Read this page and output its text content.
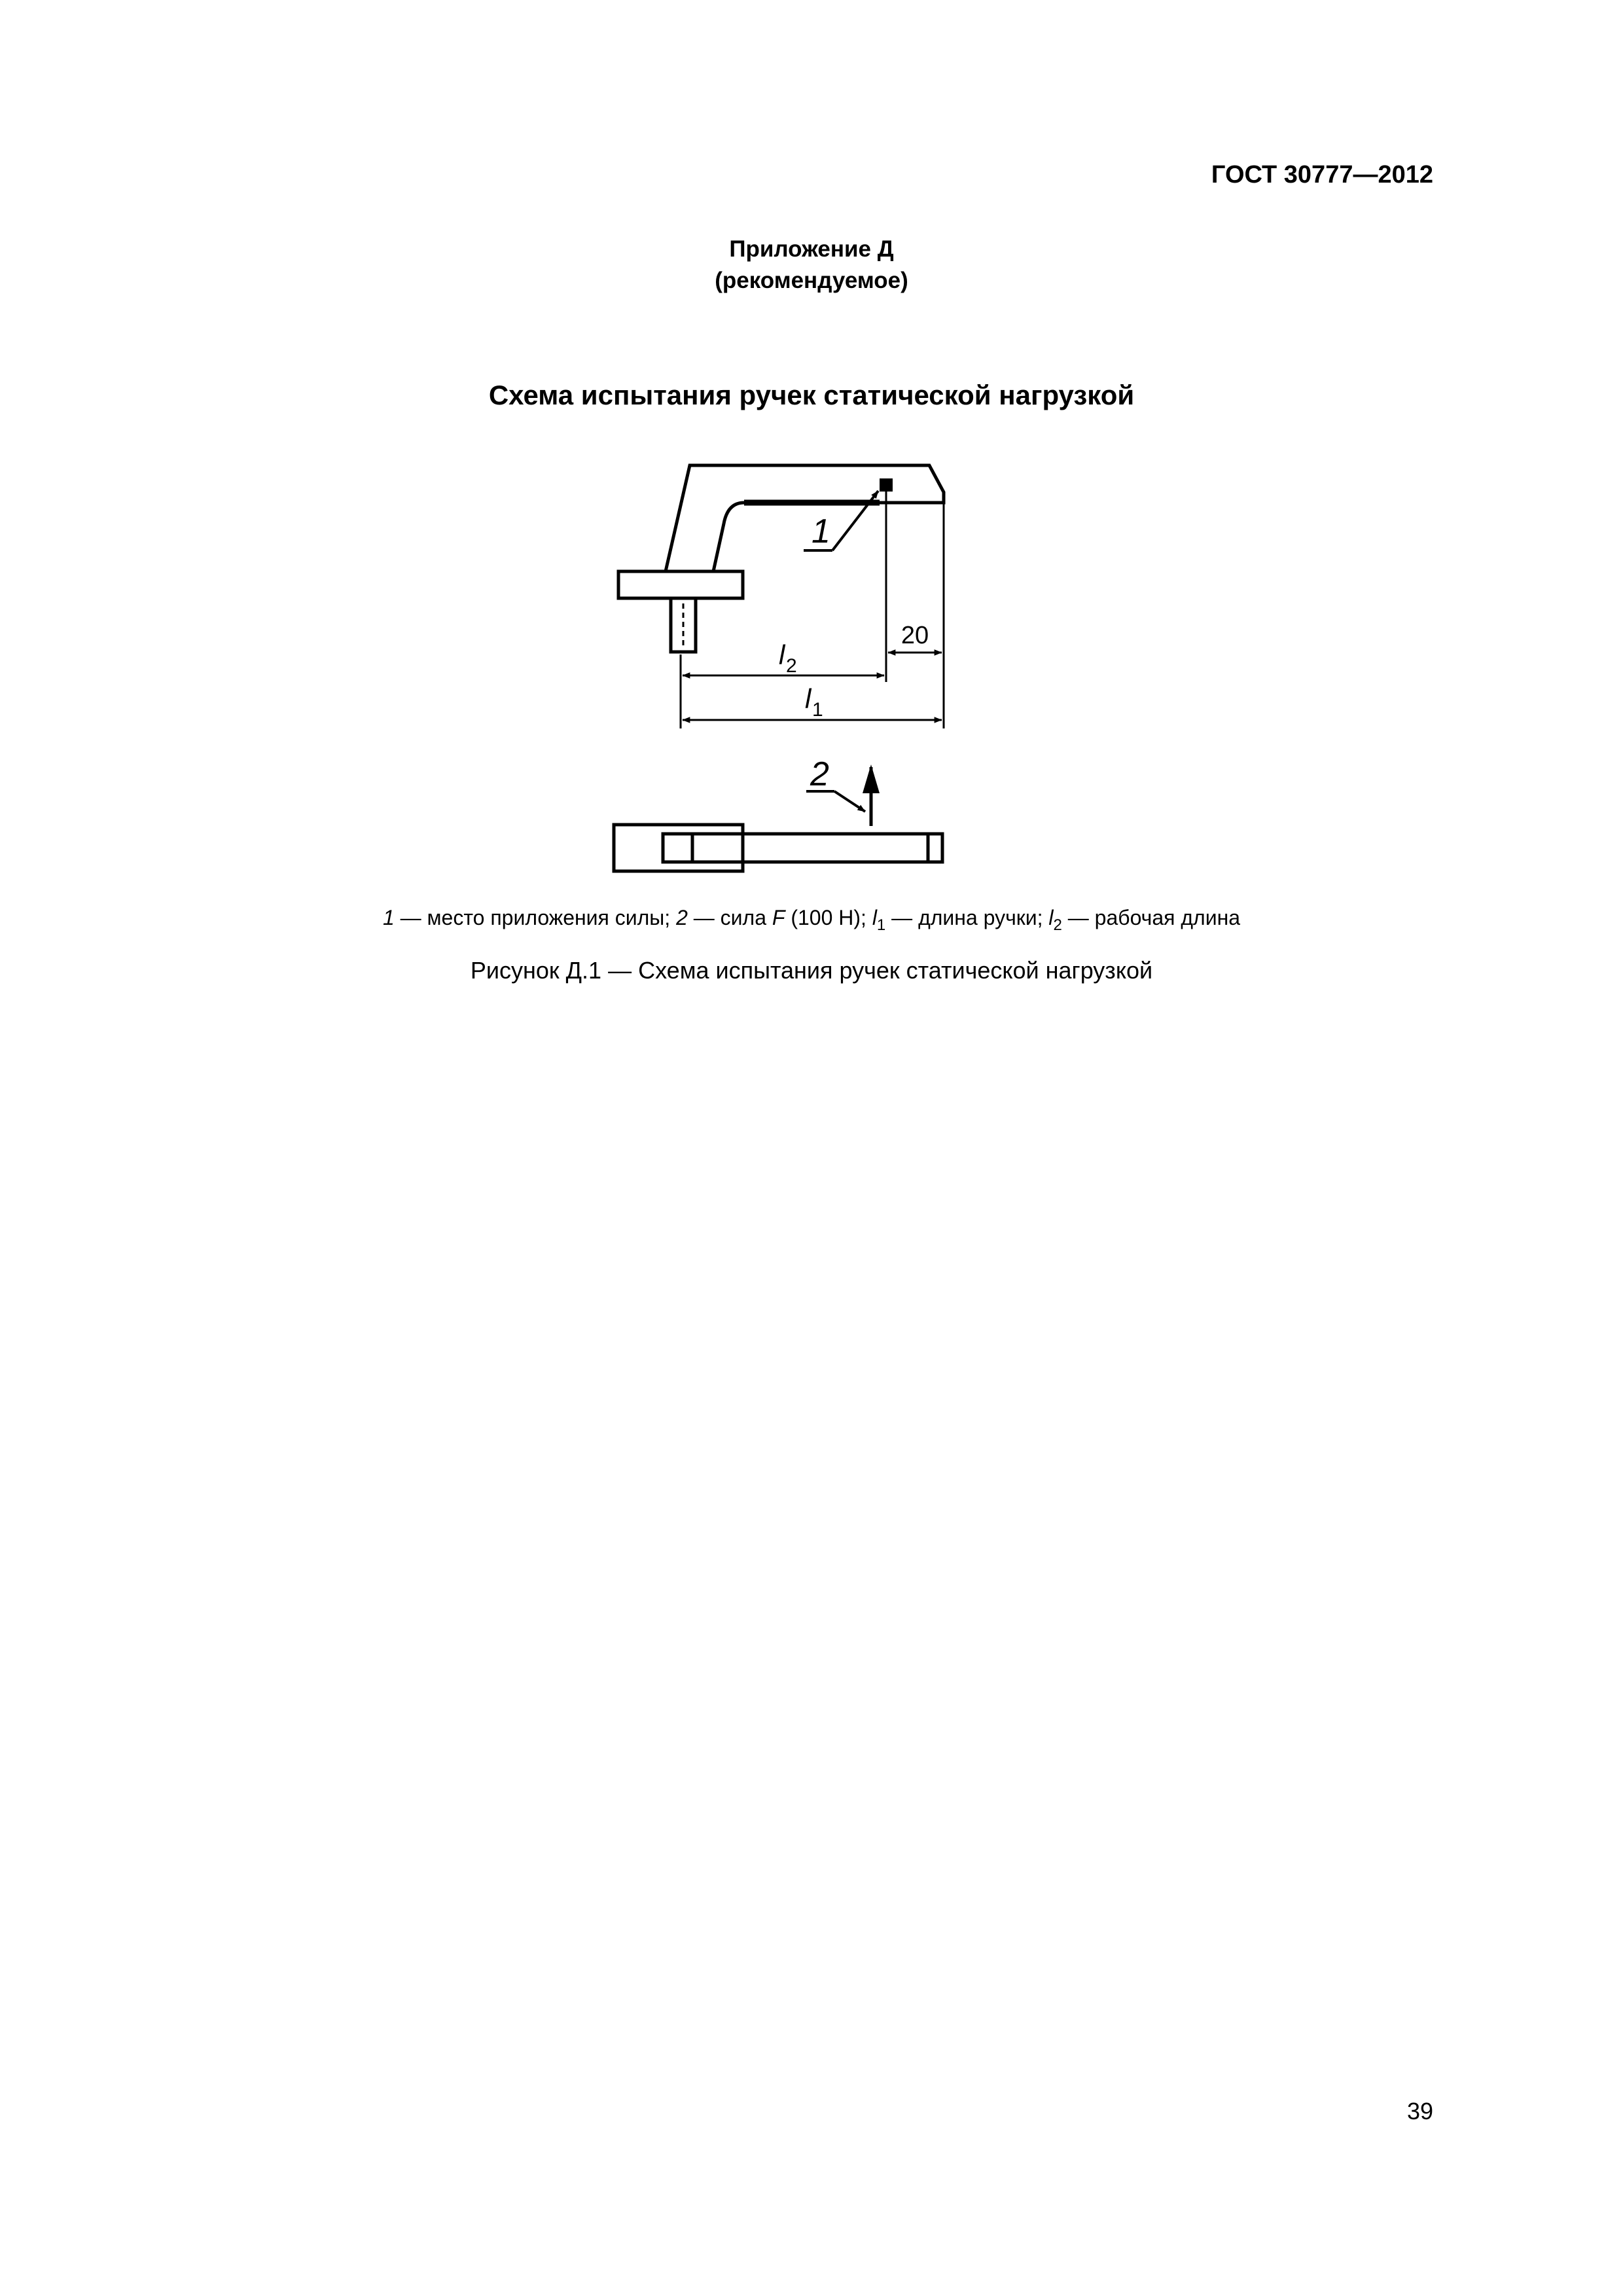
ГОСТ 30777—2012
Приложение Д
(рекомендуемое)
Схема испытания ручек статической нагрузкой
1
20
l 2
l 1
2
1 — место приложения силы; 2 — сила F (100 Н); $l_1$ — длина ручки; $l_2$ — рабочая длина
Рисунок Д.1 — Схема испытания ручек статической нагрузкой
39
